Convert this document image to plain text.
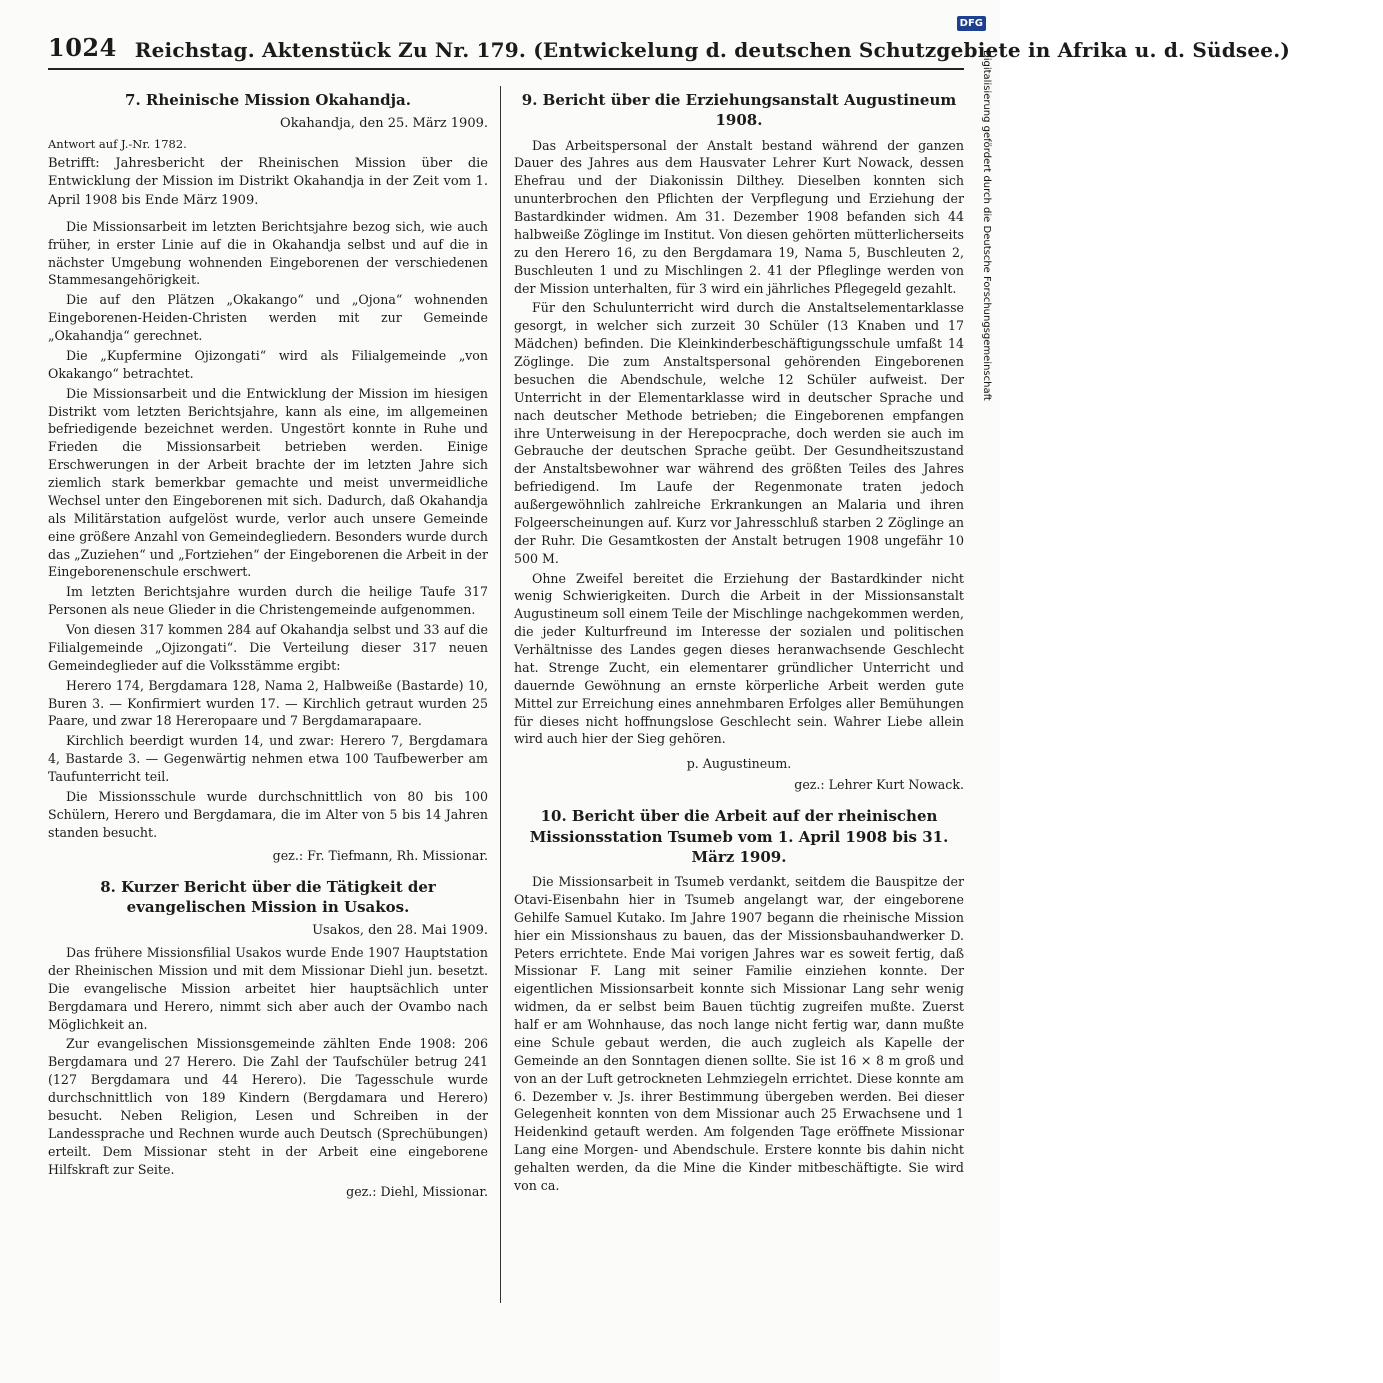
1024 Reichstag. Aktenstück Zu Nr. 179. (Entwickelung d. deutschen Schutzgebiete in Afrika u. d. Südsee.)
7. Rheinische Mission Okahandja.
Okahandja, den 25. März 1909.
Antwort auf J.-Nr. 1782.
Betrifft: Jahresbericht der Rheinischen Mission über die Entwicklung der Mission im Distrikt Okahandja in der Zeit vom 1. April 1908 bis Ende März 1909.

Die Missionsarbeit im letzten Berichtsjahre bezog sich, wie auch früher, in erster Linie auf die in Okahandja selbst und auf die in nächster Umgebung wohnenden Eingeborenen der verschiedenen Stammesangehörigkeit.

Die auf den Plätzen „Okakango“ und „Ojona“ wohnenden Eingeborenen-Heiden-Christen werden mit zur Gemeinde „Okahandja“ gerechnet.

Die „Kupfermine Ojizongati“ wird als Filialgemeinde „von Okakango“ betrachtet.

Die Missionsarbeit und die Entwicklung der Mission im hiesigen Distrikt vom letzten Berichtsjahre, kann als eine, im allgemeinen befriedigende bezeichnet werden. Ungestört konnte in Ruhe und Frieden die Missionsarbeit betrieben werden. Einige Erschwerungen in der Arbeit brachte der im letzten Jahre sich ziemlich stark bemerkbar gemachte und meist unvermeidliche Wechsel unter den Eingeborenen mit sich. Dadurch, daß Okahandja als Militärstation aufgelöst wurde, verlor auch unsere Gemeinde eine größere Anzahl von Gemeindegliedern. Besonders wurde durch das „Zuziehen“ und „Fortziehen“ der Eingeborenen die Arbeit in der Eingeborenenschule erschwert.

Im letzten Berichtsjahre wurden durch die heilige Taufe 317 Personen als neue Glieder in die Christengemeinde aufgenommen.

Von diesen 317 kommen 284 auf Okahandja selbst und 33 auf die Filialgemeinde „Ojizongati“. Die Verteilung dieser 317 neuen Gemeindeglieder auf die Volksstämme ergibt:

Herero 174, Bergdamara 128, Nama 2, Halbweiße (Bastarde) 10, Buren 3. — Konfirmiert wurden 17. — Kirchlich getraut wurden 25 Paare, und zwar 18 Hereropaare und 7 Bergdamarapaare.

Kirchlich beerdigt wurden 14, und zwar: Herero 7, Bergdamara 4, Bastarde 3. — Gegenwärtig nehmen etwa 100 Taufbewerber am Taufunterricht teil.

Die Missionsschule wurde durchschnittlich von 80 bis 100 Schülern, Herero und Bergdamara, die im Alter von 5 bis 14 Jahren standen besucht.

gez.: Fr. Tiefmann, Rh. Missionar.
8. Kurzer Bericht über die Tätigkeit der evangelischen Mission in Usakos.
Usakos, den 28. Mai 1909.

Das frühere Missionsfilial Usakos wurde Ende 1907 Hauptstation der Rheinischen Mission und mit dem Missionar Diehl jun. besetzt. Die evangelische Mission arbeitet hier hauptsächlich unter Bergdamara und Herero, nimmt sich aber auch der Ovambo nach Möglichkeit an.

Zur evangelischen Missionsgemeinde zählten Ende 1908: 206 Bergdamara und 27 Herero. Die Zahl der Taufschüler betrug 241 (127 Bergdamara und 44 Herero). Die Tagesschule wurde durchschnittlich von 189 Kindern (Bergdamara und Herero) besucht. Neben Religion, Lesen und Schreiben in der Landessprache und Rechnen wurde auch Deutsch (Sprechübungen) erteilt. Dem Missionar steht in der Arbeit eine eingeborene Hilfskraft zur Seite.

gez.: Diehl, Missionar.
9. Bericht über die Erziehungsanstalt Augustineum 1908.

Das Arbeitspersonal der Anstalt bestand während der ganzen Dauer des Jahres aus dem Hausvater Lehrer Kurt Nowack, dessen Ehefrau und der Diakonissin Dilthey. Dieselben konnten sich ununterbrochen den Pflichten der Verpflegung und Erziehung der Bastardkinder widmen. Am 31. Dezember 1908 befanden sich 44 halbweiße Zöglinge im Institut. Von diesen gehörten mütterlicherseits zu den Herero 16, zu den Bergdamara 19, Nama 5, Buschleuten 2, Buschleuten 1 und zu Mischlingen 2. 41 der Pfleglinge werden von der Mission unterhalten, für 3 wird ein jährliches Pflegegeld gezahlt.

Für den Schulunterricht wird durch die Anstaltselementarklasse gesorgt, in welcher sich zurzeit 30 Schüler (13 Knaben und 17 Mädchen) befinden. Die Kleinkinderbeschäftigungsschule umfaßt 14 Zöglinge. Die zum Anstaltspersonal gehörenden Eingeborenen besuchen die Abendschule, welche 12 Schüler aufweist. Der Unterricht in der Elementarklasse wird in deutscher Sprache und nach deutscher Methode betrieben; die Eingeborenen empfangen ihre Unterweisung in der Hereросprache, doch werden sie auch im Gebrauche der deutschen Sprache geübt. Der Gesundheitszustand der Anstaltsbewohner war während des größten Teiles des Jahres befriedigend. Im Laufe der Regenmonate traten jedoch außergewöhnlich zahlreiche Erkrankungen an Malaria und ihren Folgeerscheinungen auf. Kurz vor Jahresschluß starben 2 Zöglinge an der Ruhr. Die Gesamtkosten der Anstalt betrugen 1908 ungefähr 10 500 M.

Ohne Zweifel bereitet die Erziehung der Bastardkinder nicht wenig Schwierigkeiten. Durch die Arbeit in der Missionsanstalt Augustineum soll einem Teile der Mischlinge nachgekommen werden, die jeder Kulturfreund im Interesse der sozialen und politischen Verhältnisse des Landes gegen dieses heranwachsende Geschlecht hat. Strenge Zucht, ein elementarer gründlicher Unterricht und dauernde Gewöhnung an ernste körperliche Arbeit werden gute Mittel zur Erreichung eines annehmbaren Erfolges aller Bemühungen für dieses nicht hoffnungslose Geschlecht sein. Wahrer Liebe allein wird auch hier der Sieg gehören.

p. Augustineum.
gez.: Lehrer Kurt Nowack.
10. Bericht über die Arbeit auf der rheinischen Missionsstation Tsumeb vom 1. April 1908 bis 31. März 1909.

Die Missionsarbeit in Tsumeb verdankt, seitdem die Bauspitze der Otavi-Eisenbahn hier in Tsumeb angelangt war, der eingeborene Gehilfe Samuel Kutako. Im Jahre 1907 begann die rheinische Mission hier ein Missionshaus zu bauen, das der Missionsbauhandwerker D. Peters errichtete. Ende Mai vorigen Jahres war es soweit fertig, daß Missionar F. Lang mit seiner Familie einziehen konnte. Der eigentlichen Missionsarbeit konnte sich Missionar Lang sehr wenig widmen, da er selbst beim Bauen tüchtig zugreifen mußte. Zuerst half er am Wohnhause, das noch lange nicht fertig war, dann mußte eine Schule gebaut werden, die auch zugleich als Kapelle der Gemeinde an den Sonntagen dienen sollte. Sie ist 16 × 8 m groß und von an der Luft getrockneten Lehmziegeln errichtet. Diese konnte am 6. Dezember v. Js. ihrer Bestimmung übergeben werden. Bei dieser Gelegenheit konnten von dem Missionar auch 25 Erwachsene und 1 Heidenkind getauft werden. Am folgenden Tage eröffnete Missionar Lang eine Morgen- und Abendschule. Erstere konnte bis dahin nicht gehalten werden, da die Mine die Kinder mitbeschäftigte. Sie wird von ca.

DFG
Digitalisierung gefördert durch die Deutsche Forschungsgemeinschaft
